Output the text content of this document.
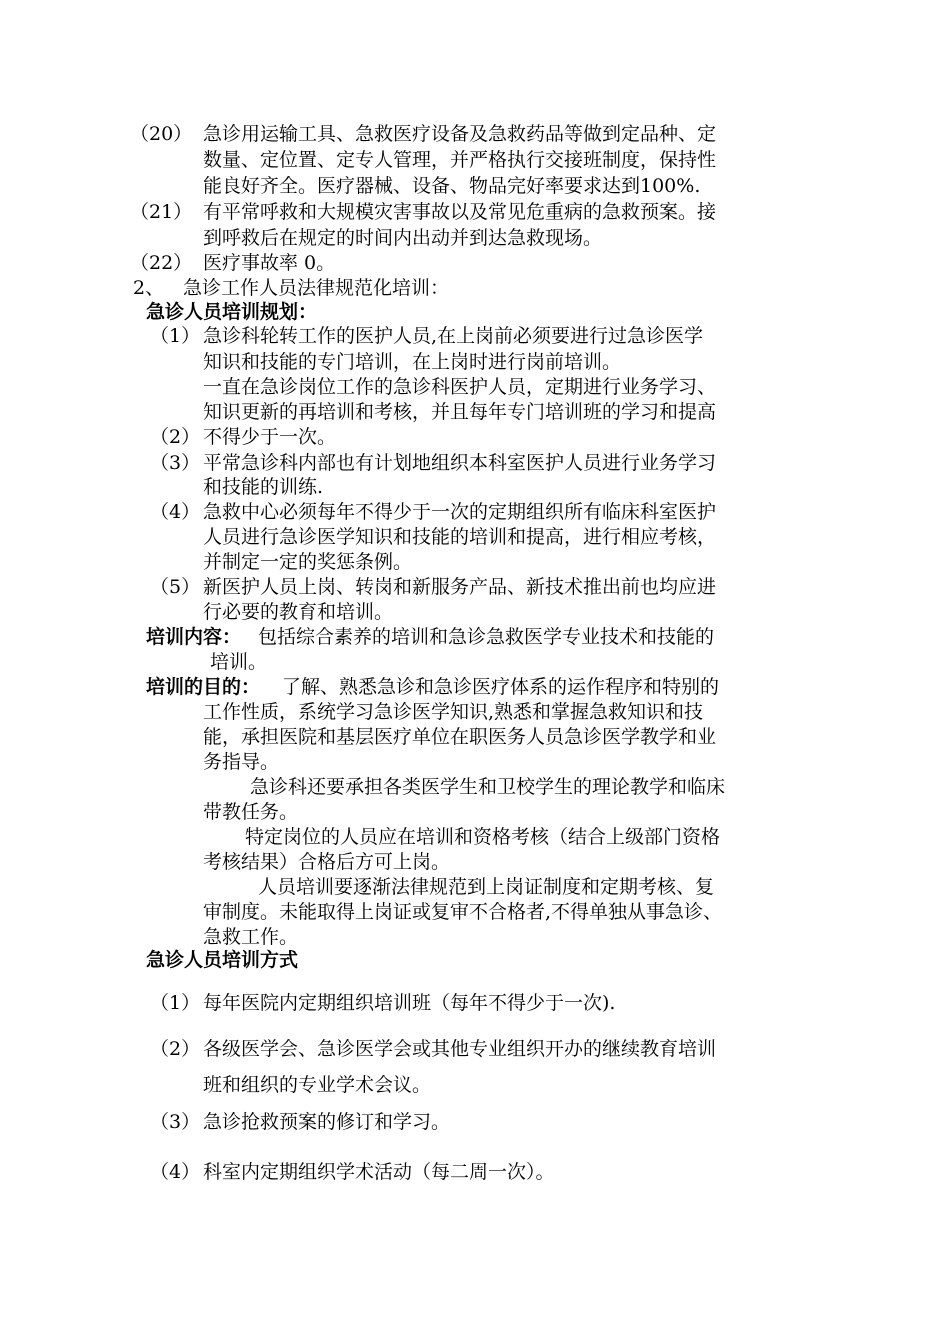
（20） 急诊用运输工具、急救医疗设备及急救药品等做到定品种、定
数量、定位置、定专人管理，并严格执行交接班制度，保持性
能良好齐全。医疗器械、设备、物品完好率要求达到100%.
（21） 有平常呼救和大规模灾害事故以及常见危重病的急救预案。接
到呼救后在规定的时间内出动并到达急救现场。
（22） 医疗事故率 0。
2、 急诊工作人员法律规范化培训：
急诊人员培训规划：
（1） 急诊科轮转工作的医护人员,在上岗前必须要进行过急诊医学
知识和技能的专门培训，在上岗时进行岗前培训。
一直在急诊岗位工作的急诊科医护人员，定期进行业务学习、
知识更新的再培训和考核，并且每年专门培训班的学习和提高
（2） 不得少于一次。
（3） 平常急诊科内部也有计划地组织本科室医护人员进行业务学习
和技能的训练.
（4） 急救中心必须每年不得少于一次的定期组织所有临床科室医护
人员进行急诊医学知识和技能的培训和提高，进行相应考核，
并制定一定的奖惩条例。
（5） 新医护人员上岗、转岗和新服务产品、新技术推出前也均应进
行必要的教育和培训。
培训内容： 包括综合素养的培训和急诊急救医学专业技术和技能的
培训。
培训的目的： 了解、熟悉急诊和急诊医疗体系的运作程序和特别的
工作性质，系统学习急诊医学知识,熟悉和掌握急救知识和技
能，承担医院和基层医疗单位在职医务人员急诊医学教学和业
务指导。
急诊科还要承担各类医学生和卫校学生的理论教学和临床
带教任务。
特定岗位的人员应在培训和资格考核（结合上级部门资格
考核结果）合格后方可上岗。
人员培训要逐渐法律规范到上岗证制度和定期考核、复
审制度。未能取得上岗证或复审不合格者,不得单独从事急诊、
急救工作。
急诊人员培训方式
（1） 每年医院内定期组织培训班（每年不得少于一次).
（2） 各级医学会、急诊医学会或其他专业组织开办的继续教育培训
班和组织的专业学术会议。
（3） 急诊抢救预案的修订和学习。
（4） 科室内定期组织学术活动（每二周一次）。
